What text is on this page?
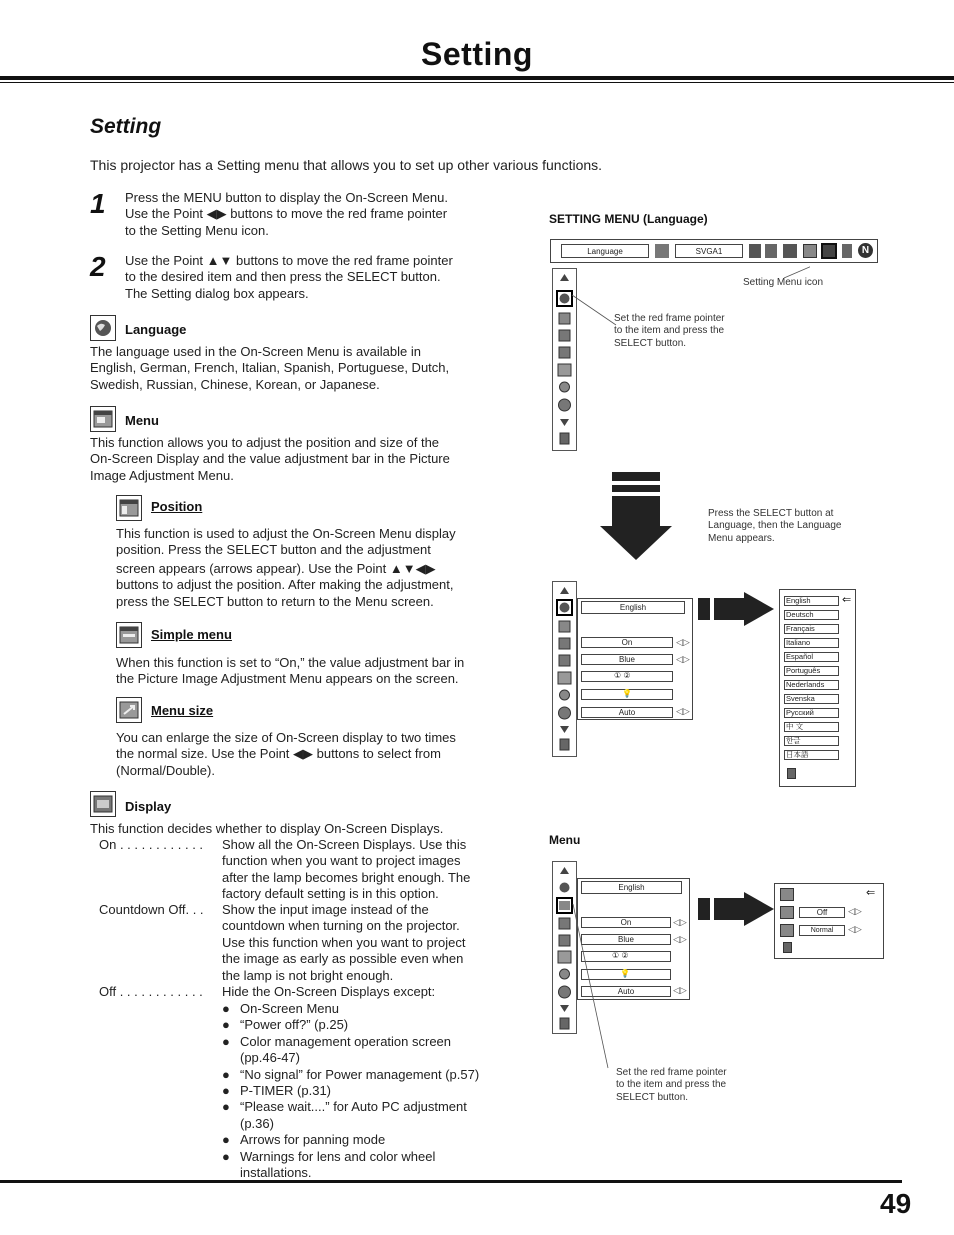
Setting
Setting
This projector has a Setting menu that allows you to set up other various functions.
1 Press the MENU button to display the On-Screen Menu.
Use the Point ◀▶ buttons to move the red frame pointer
to the Setting Menu icon.
2 Use the Point ▲▼ buttons to move the red frame pointer
to the desired item and then press the SELECT button.
The Setting dialog box appears.
Language
The language used in the On-Screen Menu is available in
English, German, French, Italian, Spanish, Portuguese, Dutch,
Swedish, Russian, Chinese, Korean, or Japanese.
Menu
This function allows you to adjust the position and size of the
On-Screen Display and the value adjustment bar in the Picture
Image Adjustment Menu.
Position
This function is used to adjust the On-Screen Menu display
position. Press the SELECT button and the adjustment
screen appears (arrows appear). Use the Point ▲▼◀▶
buttons to adjust the position. After making the adjustment,
press the SELECT button to return to the Menu screen.
Simple menu
When this function is set to “On,” the value adjustment bar in
the Picture Image Adjustment Menu appears on the screen.
Menu size
You can enlarge the size of On-Screen display to two times
the normal size. Use the Point ◀▶ buttons to select from
(Normal/Double).
Display
This function decides whether to display On-Screen Displays.
On . . . . . . . . . . . . Show all the On-Screen Displays. Use this
function when you want to project images
after the lamp becomes bright enough. The
factory default setting is in this option.
Countdown Off. . . Show the input image instead of the
countdown when turning on the projector.
Use this function when you want to project
the image as early as possible even when
the lamp is not bright enough.
Off . . . . . . . . . . . . Hide the On-Screen Displays except:
● On-Screen Menu
● “Power off?” (p.25)
● Color management operation screen
(pp.46-47)
● “No signal” for Power management (p.57)
● P-TIMER (p.31)
● “Please wait....” for Auto PC adjustment
(p.36)
● Arrows for panning mode
● Warnings for lens and color wheel
installations.
SETTING MENU (Language)
Language	SVGA1	N
Setting Menu icon
Set the red frame pointer
to the item and press the
SELECT button.
Press the SELECT button at
Language, then the Language
Menu appears.
English
On	◁▷
Blue	◁▷
① ②
💡
Auto	◁▷
English	⇐
Deutsch
Français
Italiano
Español
Português
Nederlands
Svenska
Русский
中 文
한글
日本語
Menu
English
On	◁▷
Blue	◁▷
① ②
💡
Auto	◁▷
⇐
Off	◁▷
Normal	◁▷
Set the red frame pointer
to the item and press the
SELECT button.
49
